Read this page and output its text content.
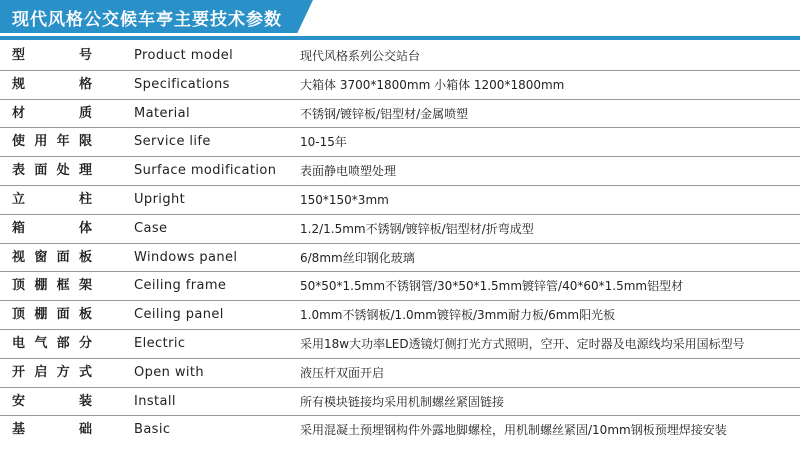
现代风格公交候车亭主要技术参数
型　号	Product model	现代风格系列公交站台
规　格	Specifications	大箱体 3700*1800mm 小箱体 1200*1800mm
材　质	Material	不锈钢/镀锌板/铝型材/金属喷塑
使用年限	Service life	10-15年
表面处理	Surface modification 表面静电喷塑处理
立　柱	Upright	150*150*3mm
箱　体	Case	1.2/1.5mm不锈钢/镀锌板/铝型材/折弯成型
视窗面板	Windows panel	6/8mm丝印钢化玻璃
顶棚框架	Ceiling frame	50*50*1.5mm不锈钢管/30*50*1.5mm镀锌管/40*60*1.5mm铝型材
顶棚面板	Ceiling panel	1.0mm不锈钢板/1.0mm镀锌板/3mm耐力板/6mm阳光板
电气部分	Electric	采用18w大功率LED透镜灯侧打光方式照明，空开、定时器及电源线均采用国标型号
开启方式	Open with	液压杆双面开启
安　装	Install	所有模块链接均采用机制螺丝紧固链接
基　础	Basic	采用混凝土预埋钢构件外露地脚螺栓，用机制螺丝紧固/10mm钢板预埋焊接安装
